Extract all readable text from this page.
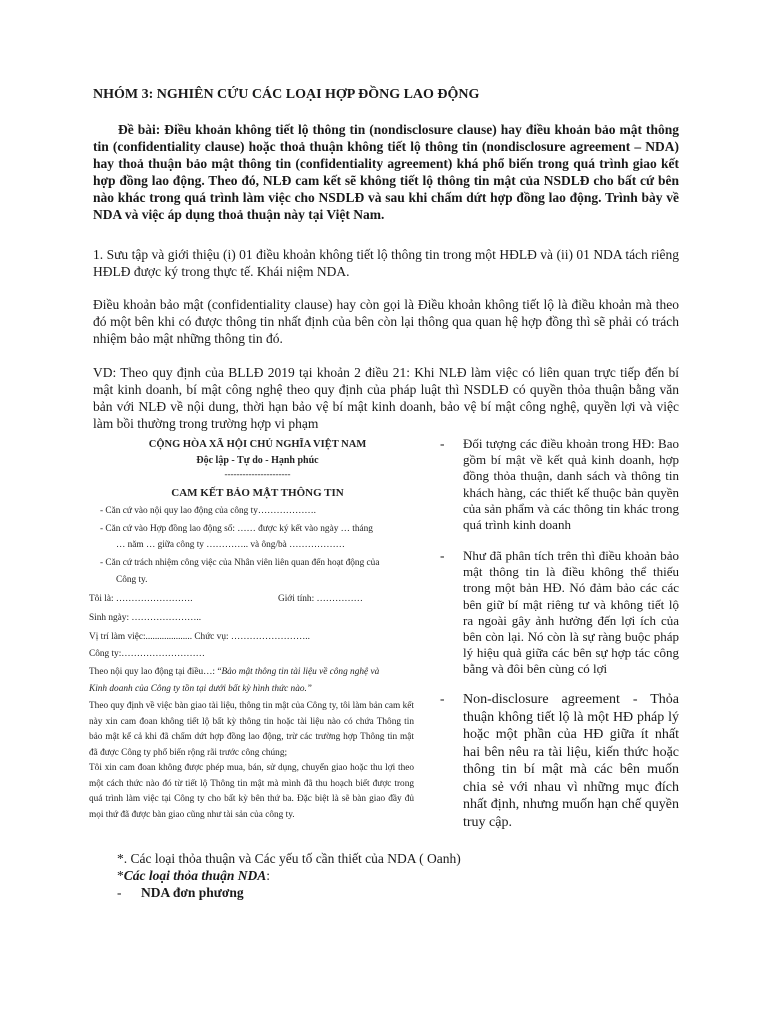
NHÓM 3: NGHIÊN CỨU CÁC LOẠI HỢP ĐỒNG LAO ĐỘNG
Đề bài: Điều khoản không tiết lộ thông tin (nondisclosure clause) hay điều khoản bảo mật thông tin (confidentiality clause) hoặc thoả thuận không tiết lộ thông tin (nondisclosure agreement – NDA) hay thoả thuận bảo mật thông tin (confidentiality agreement) khá phổ biến trong quá trình giao kết hợp đồng lao động. Theo đó, NLĐ cam kết sẽ không tiết lộ thông tin mật của NSDLĐ cho bất cứ bên nào khác trong quá trình làm việc cho NSDLĐ và sau khi chấm dứt hợp đồng lao động. Trình bày về NDA và việc áp dụng thoả thuận này tại Việt Nam.
1. Sưu tập và giới thiệu (i) 01 điều khoản không tiết lộ thông tin trong một HĐLĐ và (ii) 01 NDA tách riêng HĐLĐ được ký trong thực tế. Khái niệm NDA.
Điều khoản bảo mật (confidentiality clause) hay còn gọi là Điều khoản không tiết lộ là điều khoản mà theo đó một bên khi có được thông tin nhất định của bên còn lại thông qua quan hệ hợp đồng thì sẽ phải có trách nhiệm bảo mật những thông tin đó.
VD: Theo quy định của BLLĐ 2019 tại khoản 2 điều 21: Khi NLĐ làm việc có liên quan trực tiếp đến bí mật kinh doanh, bí mật công nghệ theo quy định của pháp luật thì NSDLĐ có quyền thỏa thuận bằng văn bản với NLĐ về nội dung, thời hạn bảo vệ bí mật kinh doanh, bảo vệ bí mật công nghệ, quyền lợi và việc làm bồi thường trong trường hợp vi phạm
CỘNG HÒA XÃ HỘI CHỦ NGHĨA VIỆT NAM
Độc lập - Tự do - Hạnh phúc
----------------------
CAM KẾT BẢO MẬT THÔNG TIN
- Căn cứ vào nội quy lao động của công ty……………….
- Căn cứ vào Hợp đồng lao động số: …… được ký kết vào ngày … tháng
… năm … giữa công ty ………….. và ông/bà ………………
- Căn cứ trách nhiệm công việc của Nhân viên liên quan đến hoạt động của
Công ty.
Tôi là: …………………….	Giới tính: ……………
Sinh ngày: …………………..
Vị trí làm việc:.................... Chức vụ: ……………………..
Công ty:………………………
Theo nội quy lao động tại điều…: “Bảo mật thông tin tài liệu về công nghệ và
Kinh doanh của Công ty tồn tại dưới bất kỳ hình thức nào.”
Theo quy định về việc bàn giao tài liệu, thông tin mật của Công ty, tôi làm bản cam kết này xin cam đoan không tiết lộ bất kỳ thông tin hoặc tài liệu nào có chứa Thông tin bảo mật kể cả khi đã chấm dứt hợp đồng lao động, trừ các trường hợp Thông tin mật đã được Công ty phổ biến rộng rãi trước công chúng;
Tôi xin cam đoan không được phép mua, bán, sử dụng, chuyển giao hoặc thu lợi theo một cách thức nào đó từ tiết lộ Thông tin mật mà mình đã thu hoạch biết được trong quá trình làm việc tại Công ty cho bất kỳ bên thứ ba. Đặc biệt là sẽ bàn giao đầy đủ mọi thứ đã được bàn giao cũng như tài sản của công ty.
- Đối tượng các điều khoản trong HĐ: Bao gồm bí mật về kết quả kinh doanh, hợp đồng thỏa thuận, danh sách và thông tin khách hàng, các thiết kế thuộc bản quyền của sản phẩm và các thông tin khác trong quá trình kinh doanh
- Như đã phân tích trên thì điều khoản bảo mật thông tin là điều không thể thiếu trong một bản HĐ. Nó đảm bảo các các bên giữ bí mật riêng tư và không tiết lộ ra ngoài gây ảnh hưởng đến lợi ích của bên còn lại. Nó còn là sự ràng buộc pháp lý hiệu quả giữa các bên sự hợp tác công bằng và đôi bên cùng có lợi
- Non-disclosure agreement - Thỏa thuận không tiết lộ là một HĐ pháp lý hoặc một phần của HĐ giữa ít nhất hai bên nêu ra tài liệu, kiến thức hoặc thông tin bí mật mà các bên muốn chia sẻ với nhau vì những mục đích nhất định, nhưng muốn hạn chế quyền truy cập.
*. Các loại thỏa thuận và Các yếu tố cần thiết của NDA ( Oanh)
*Các loại thỏa thuận NDA:
- NDA đơn phương
